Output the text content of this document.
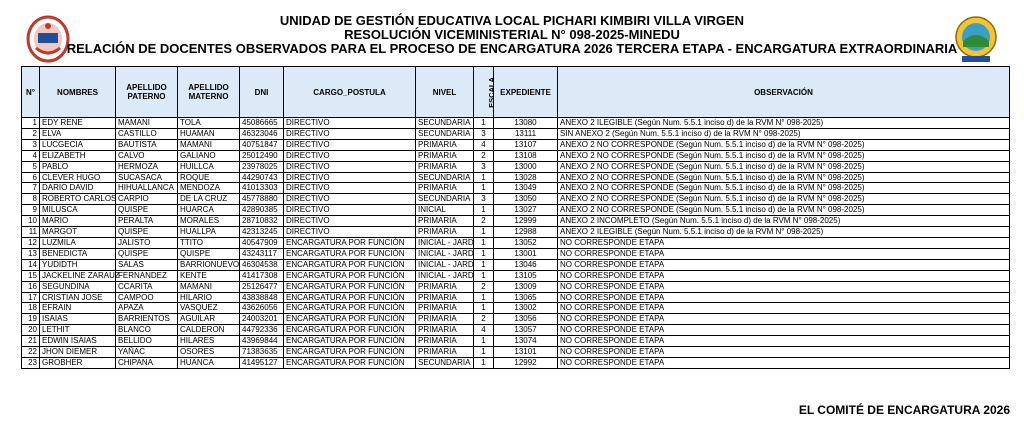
UNIDAD DE GESTIÓN EDUCATIVA LOCAL PICHARI KIMBIRI VILLA VIRGEN
RESOLUCIÓN VICEMINISTERIAL N° 098-2025-MINEDU
RELACIÓN DE DOCENTES OBSERVADOS PARA EL PROCESO DE ENCARGATURA 2026 TERCERA ETAPA - ENCARGATURA EXTRAORDINARIA
N°	NOMBRES	APELLIDO PATERNO	APELLIDO MATERNO	DNI	CARGO_POSTULA	NIVEL	ESCALA	EXPEDIENTE	OBSERVACIÓN
1	EDY RENE	MAMANI	TOLA	45086665	DIRECTIVO	SECUNDARIA	1	13080	ANEXO 2 ILEGIBLE (Según Num. 5.5.1 inciso d) de la RVM N° 098-2025)
2	ELVA	CASTILLO	HUAMAN	46323046	DIRECTIVO	SECUNDARIA	3	13111	SIN ANEXO 2 (Según Num. 5.5.1 inciso d) de la RVM N° 098-2025)
3	LUCGECIA	BAUTISTA	MAMANI	40751847	DIRECTIVO	PRIMARIA	4	13107	ANEXO 2 NO CORRESPONDE (Según Num. 5.5.1 inciso d) de la RVM N° 098-2025)
4	ELIZABETH	CALVO	GALIANO	25012490	DIRECTIVO	PRIMARIA	2	13108	ANEXO 2 NO CORRESPONDE (Según Num. 5.5.1 inciso d) de la RVM N° 098-2025)
5	PABLO	HERMOZA	HUILLCA	23978025	DIRECTIVO	PRIMARIA	3	13000	ANEXO 2 NO CORRESPONDE (Según Num. 5.5.1 inciso d) de la RVM N° 098-2025)
6	CLEVER HUGO	SUCASACA	ROQUE	44290743	DIRECTIVO	SECUNDARIA	1	13028	ANEXO 2 NO CORRESPONDE (Según Num. 5.5.1 inciso d) de la RVM N° 098-2025)
7	DARIO DAVID	HIHUALLANCA	MENDOZA	41013303	DIRECTIVO	PRIMARIA	1	13049	ANEXO 2 NO CORRESPONDE (Según Num. 5.5.1 inciso d) de la RVM N° 098-2025)
8	ROBERTO CARLOS	CARPIO	DE LA CRUZ	45778880	DIRECTIVO	SECUNDARIA	3	13050	ANEXO 2 NO CORRESPONDE (Según Num. 5.5.1 inciso d) de la RVM N° 098-2025)
9	MILUSCA	QUISPE	HUARCA	42890385	DIRECTIVO	INICIAL	1	13027	ANEXO 2 NO CORRESPONDE (Según Num. 5.5.1 inciso d) de la RVM N° 098-2025)
10	MARIO	PERALTA	MORALES	28710832	DIRECTIVO	PRIMARIA	2	12999	ANEXO 2 INCOMPLETO (Según Num. 5.5.1 inciso d) de la RVM N° 098-2025)
11	MARGOT	QUISPE	HUALLPA	42313245	DIRECTIVO	PRIMARIA	1	12988	ANEXO 2 ILEGIBLE (Según Num. 5.5.1 inciso d) de la RVM N° 098-2025)
12	LUZMILA	JALISTO	TTITO	40547909	ENCARGATURA POR FUNCIÓN	INICIAL - JARD	1	13052	NO CORRESPONDE ETAPA
13	BENEDICTA	QUISPE	QUISPE	43243117	ENCARGATURA POR FUNCIÓN	INICIAL - JARD	1	13001	NO CORRESPONDE ETAPA
14	YUDIDTH	SALAS	BARRIONUEVO	46304538	ENCARGATURA POR FUNCIÓN	INICIAL - JARD	1	13046	NO CORRESPONDE ETAPA
15	JACKELINE ZARAUZ	FERNANDEZ	KENTE	41417308	ENCARGATURA POR FUNCIÓN	INICIAL - JARD	1	13105	NO CORRESPONDE ETAPA
16	SEGUNDINA	CCARITA	MAMANI	25126477	ENCARGATURA POR FUNCIÓN	PRIMARIA	2	13009	NO CORRESPONDE ETAPA
17	CRISTIAN JOSE	CAMPOO	HILARIO	43838848	ENCARGATURA POR FUNCIÓN	PRIMARIA	1	13065	NO CORRESPONDE ETAPA
18	EFRAIN	APAZA	VASQUEZ	43626056	ENCARGATURA POR FUNCIÓN	PRIMARIA	1	13002	NO CORRESPONDE ETAPA
19	ISAIAS	BARRIENTOS	AGUILAR	24003201	ENCARGATURA POR FUNCIÓN	PRIMARIA	2	13056	NO CORRESPONDE ETAPA
20	LETHIT	BLANCO	CALDERON	44792336	ENCARGATURA POR FUNCIÓN	PRIMARIA	4	13057	NO CORRESPONDE ETAPA
21	EDWIN ISAIAS	BELLIDO	HILARES	43969844	ENCARGATURA POR FUNCIÓN	PRIMARIA	1	13074	NO CORRESPONDE ETAPA
22	JHON DIEMER	YAÑAC	OSORES	71383635	ENCARGATURA POR FUNCIÓN	PRIMARIA	1	13101	NO CORRESPONDE ETAPA
23	GROBHER	CHIPANA	HUANCA	41495127	ENCARGATURA POR FUNCIÓN	SECUNDARIA	1	12992	NO CORRESPONDE ETAPA
EL COMITÉ DE ENCARGATURA 2026
